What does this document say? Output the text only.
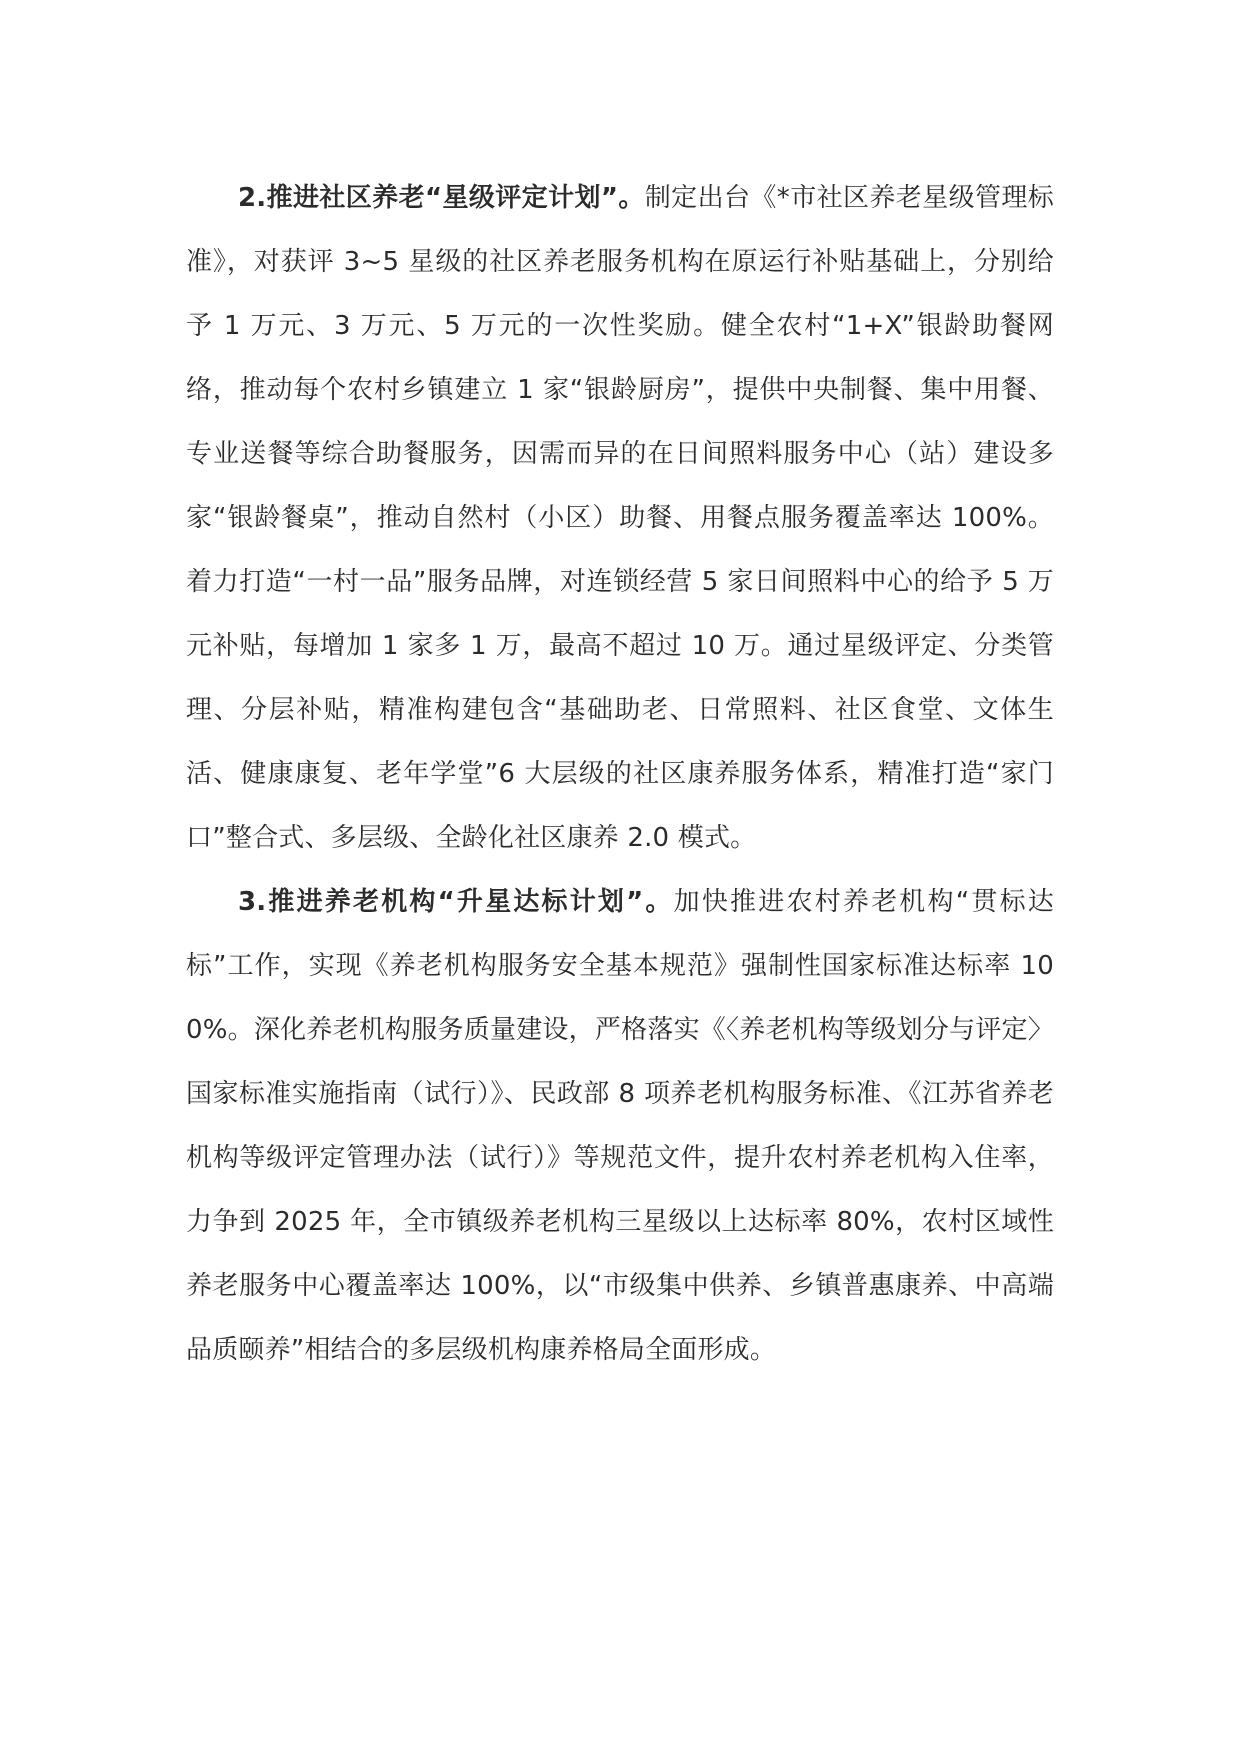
2.推进社区养老“星级评定计划”。制定出台《*市社区养老星级管理标准》，对获评 3~5 星级的社区养老服务机构在原运行补贴基础上，分别给予 1 万元、3 万元、5 万元的一次性奖励。健全农村“1+X”银龄助餐网络，推动每个农村乡镇建立 1 家“银龄厨房”，提供中央制餐、集中用餐、专业送餐等综合助餐服务，因需而异的在日间照料服务中心（站）建设多家“银龄餐桌”，推动自然村（小区）助餐、用餐点服务覆盖率达 100%。着力打造“一村一品”服务品牌，对连锁经营 5 家日间照料中心的给予 5 万元补贴，每增加 1 家多 1 万，最高不超过 10 万。通过星级评定、分类管理、分层补贴，精准构建包含“基础助老、日常照料、社区食堂、文体生活、健康康复、老年学堂”6 大层级的社区康养服务体系，精准打造“家门口”整合式、多层级、全龄化社区康养 2.0 模式。

3.推进养老机构“升星达标计划”。加快推进农村养老机构“贯标达标”工作，实现《养老机构服务安全基本规范》强制性国家标准达标率 100%。深化养老机构服务质量建设，严格落实《〈养老机构等级划分与评定〉国家标准实施指南（试行）》、民政部 8 项养老机构服务标准、《江苏省养老机构等级评定管理办法（试行）》等规范文件，提升农村养老机构入住率，力争到 2025 年，全市镇级养老机构三星级以上达标率 80%，农村区域性养老服务中心覆盖率达 100%，以“市级集中供养、乡镇普惠康养、中高端品质颐养”相结合的多层级机构康养格局全面形成。
